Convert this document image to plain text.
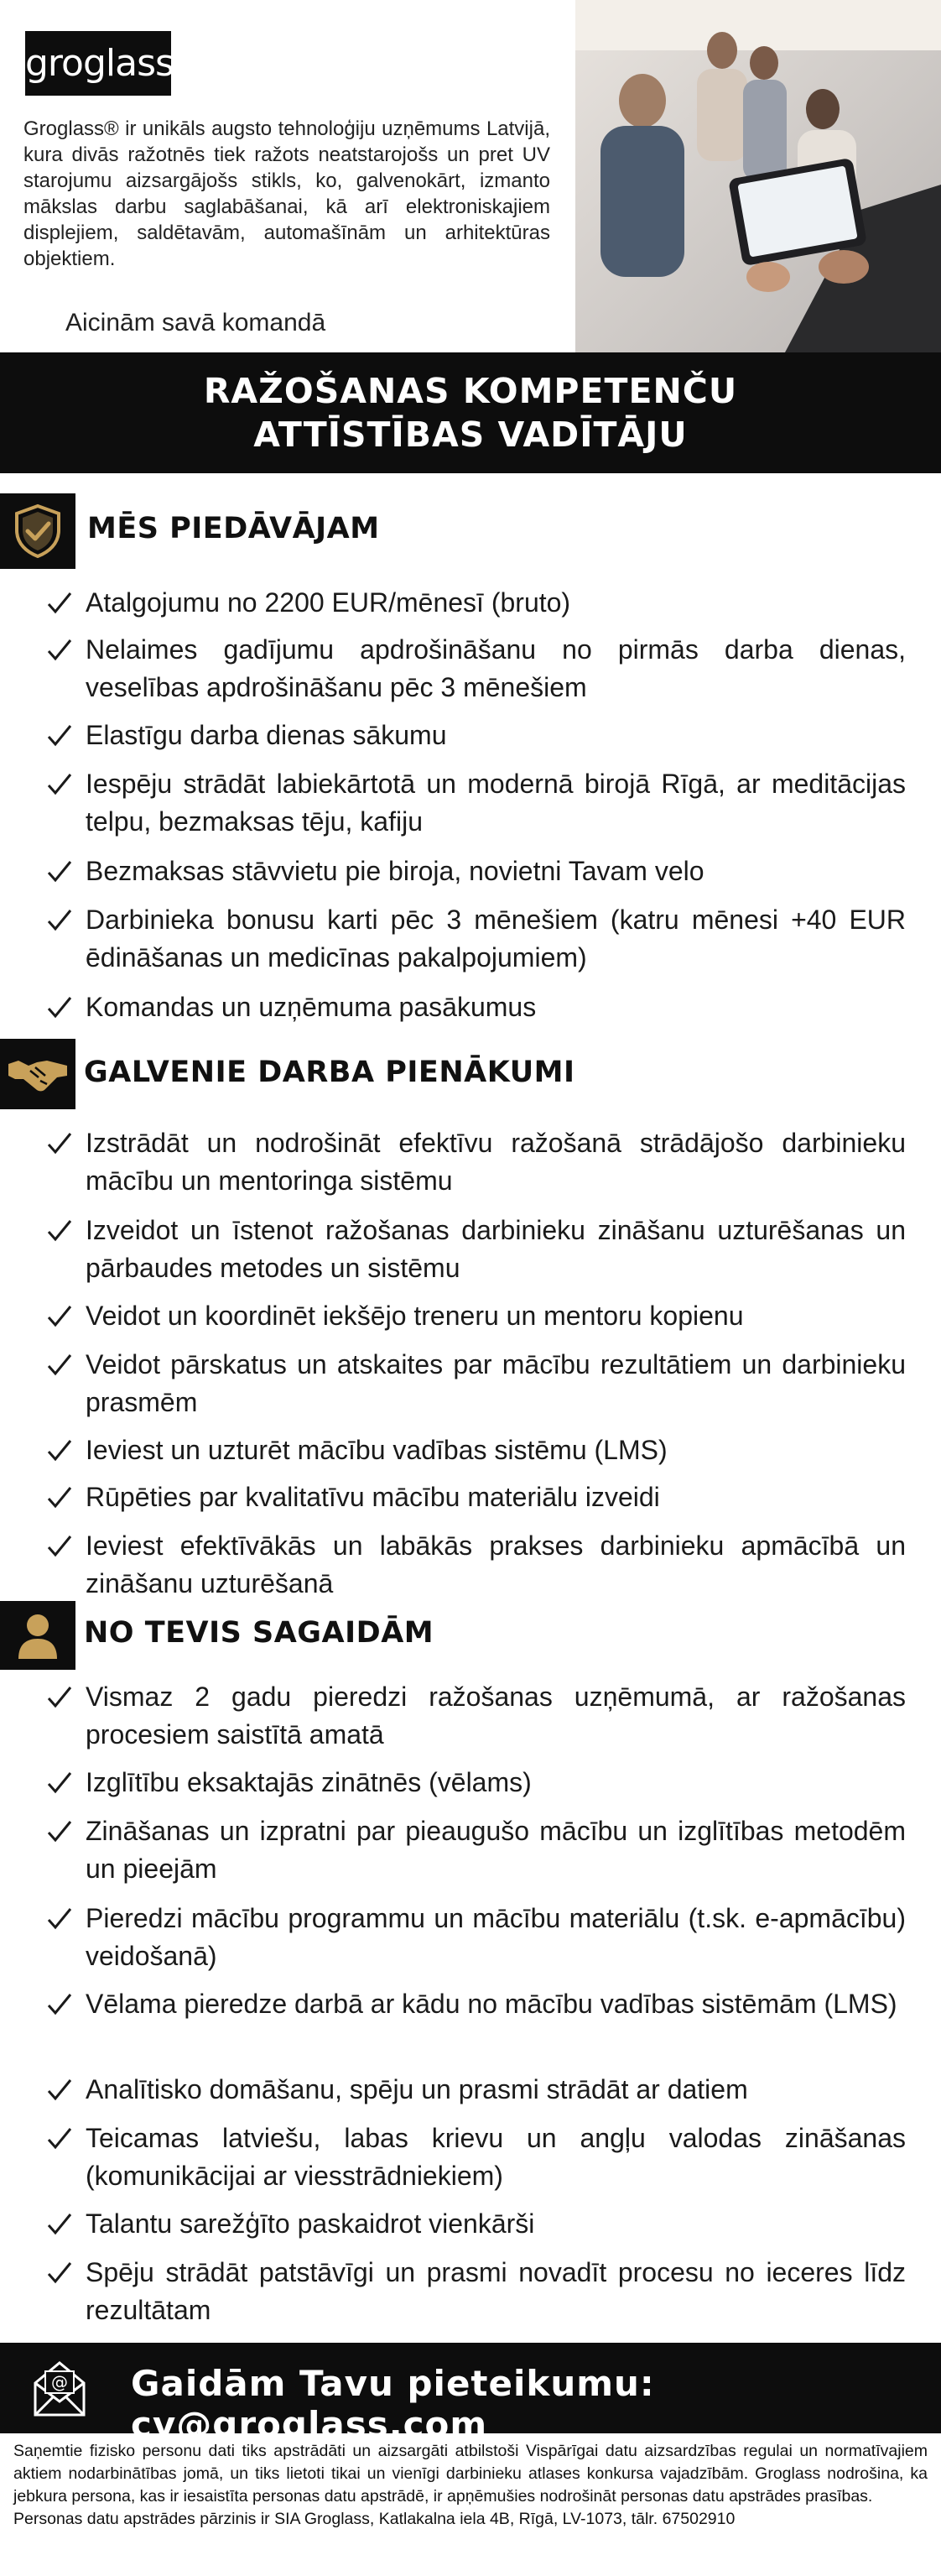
groglass
Groglass® ir unikāls augsto tehnoloģiju uzņēmums Latvijā, kura divās ražotnēs tiek ražots neatstarojošs un pret UV starojumu aizsargājošs stikls, ko, galvenokārt, izmanto mākslas darbu saglabāšanai, kā arī elektroniskajiem displejiem, saldētavām, automašīnām un arhitektūras objektiem.
Aicinām savā komandā
RAŽOŠANAS KOMPETENČU
ATTĪSTĪBAS VADĪTĀJU
MĒS PIEDĀVĀJAM
Atalgojumu no 2200 EUR/mēnesī (bruto)
Nelaimes gadījumu apdrošināšanu no pirmās darba dienas, veselības apdrošināšanu pēc 3 mēnešiem
Elastīgu darba dienas sākumu
Iespēju strādāt labiekārtotā un modernā birojā Rīgā, ar meditācijas telpu, bezmaksas tēju, kafiju
Bezmaksas stāvvietu pie biroja, novietni Tavam velo
Darbinieka bonusu karti pēc 3 mēnešiem (katru mēnesi +40 EUR ēdināšanas un medicīnas pakalpojumiem)
Komandas un uzņēmuma pasākumus
GALVENIE DARBA PIENĀKUMI
Izstrādāt un nodrošināt efektīvu ražošanā strādājošo darbinieku mācību un mentoringa sistēmu
Izveidot un īstenot ražošanas darbinieku zināšanu uzturēšanas un pārbaudes metodes un sistēmu
Veidot un koordinēt iekšējo treneru un mentoru kopienu
Veidot pārskatus un atskaites par mācību rezultātiem un darbinieku prasmēm
Ieviest un uzturēt mācību vadības sistēmu (LMS)
Rūpēties par kvalitatīvu mācību materiālu izveidi
Ieviest efektīvākās un labākās prakses darbinieku apmācībā un zināšanu uzturēšanā
NO TEVIS SAGAIDĀM
Vismaz 2 gadu pieredzi ražošanas uzņēmumā, ar ražošanas procesiem saistītā amatā
Izglītību eksaktajās zinātnēs (vēlams)
Zināšanas un izpratni par pieaugušo mācību un izglītības metodēm un pieejām
Pieredzi mācību programmu un mācību materiālu (t.sk. e-apmācību) veidošanā)
Vēlama pieredze darbā ar kādu no mācību vadības sistēmām (LMS)
Analītisko domāšanu, spēju un prasmi strādāt ar datiem
Teicamas latviešu, labas krievu un angļu valodas zināšanas (komunikācijai ar viesstrādniekiem)
Talantu sarežģīto paskaidrot vienkārši
Spēju strādāt patstāvīgi un prasmi novadīt procesu no ieceres līdz rezultātam
@ Gaidām Tavu pieteikumu: cv@groglass.com
Saņemtie fizisko personu dati tiks apstrādāti un aizsargāti atbilstoši Vispārīgai datu aizsardzības regulai un normatīvajiem aktiem nodarbinātības jomā, un tiks lietoti tikai un vienīgi darbinieku atlases konkursa vajadzībām. Groglass nodrošina, ka jebkura persona, kas ir iesaistīta personas datu apstrādē, ir apņēmušies nodrošināt personas datu apstrādes prasības.
Personas datu apstrādes pārzinis ir SIA Groglass, Katlakalna iela 4B, Rīgā, LV-1073, tālr. 67502910
